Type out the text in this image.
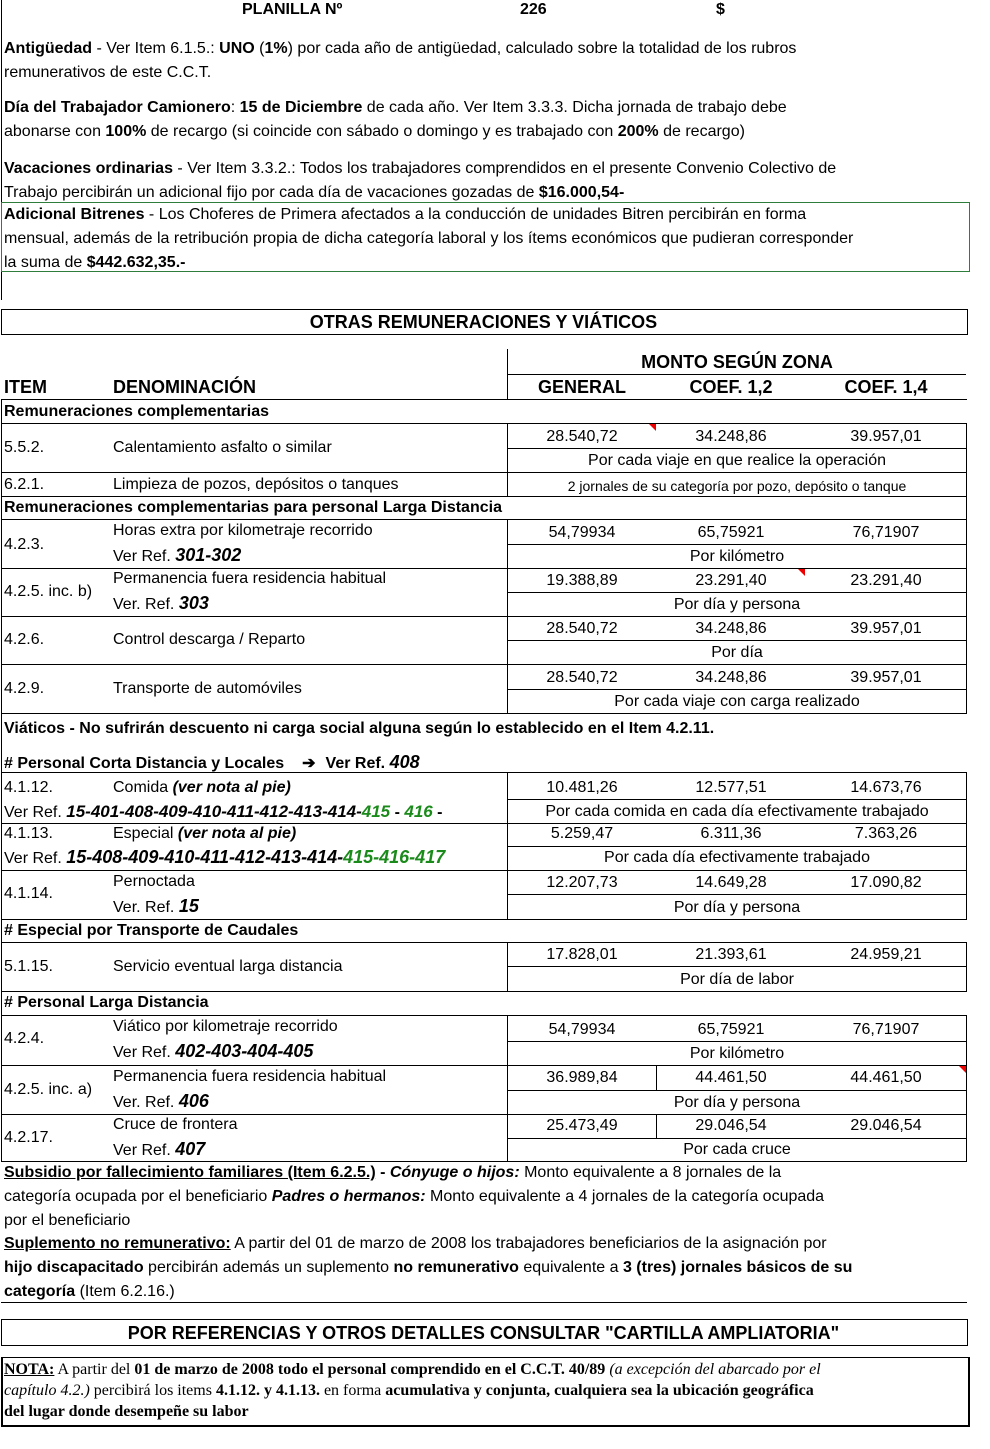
PLANILLA Nº	226	$
Antigüedad - Ver Item 6.1.5.: UNO (1%) por cada año de antigüedad, calculado sobre la totalidad de los rubros
remunerativos de este C.C.T.
Día del Trabajador Camionero: 15 de Diciembre de cada año. Ver Item 3.3.3. Dicha jornada de trabajo debe
abonarse con 100% de recargo (si coincide con sábado o domingo y es trabajado con 200% de recargo)
Vacaciones ordinarias - Ver Item 3.3.2.: Todos los trabajadores comprendidos en el presente Convenio Colectivo de
Trabajo percibirán un adicional fijo por cada día de vacaciones gozadas de $16.000,54-
Adicional Bitrenes - Los Choferes de Primera afectados a la conducción de unidades Bitren percibirán en forma
mensual, además de la retribución propia de dicha categoría laboral y los ítems económicos que pudieran corresponder
la suma de $442.632,35.-
OTRAS REMUNERACIONES Y VIÁTICOS
MONTO SEGÚN ZONA
ITEM	DENOMINACIÓN	GENERAL	COEF. 1,2	COEF. 1,4
Remuneraciones complementarias
5.5.2.	Calentamiento asfalto o similar
28.540,72	34.248,86	39.957,01
Por cada viaje en que realice la operación
6.2.1.	Limpieza de pozos, depósitos o tanques	2 jornales de su categoría por pozo, depósito o tanque
Remuneraciones complementarias para personal Larga Distancia
4.2.3.
Horas extra por kilometraje recorrido
Ver Ref. 301-302
54,79934	65,75921	76,71907
Por kilómetro
4.2.5. inc. b)
Permanencia fuera residencia habitual
Ver. Ref. 303
19.388,89	23.291,40	23.291,40
Por día y persona
4.2.6.	Control descarga / Reparto
28.540,72	34.248,86	39.957,01
Por día
4.2.9.	Transporte de automóviles
28.540,72	34.248,86	39.957,01
Por cada viaje con carga realizado
Viáticos - No sufrirán descuento ni carga social alguna según lo establecido en el Item 4.2.11.
# Personal Corta Distancia y Locales ➔ Ver Ref. 408
4.1.12.	Comida (ver nota al pie)
Ver Ref. 15-401-408-409-410-411-412-413-414-415 - 416 -
10.481,26	12.577,51	14.673,76
Por cada comida en cada día efectivamente trabajado
4.1.13.	Especial (ver nota al pie)
Ver Ref. 15-408-409-410-411-412-413-414-415-416-417
5.259,47	6.311,36	7.363,26
Por cada día efectivamente trabajado
4.1.14.
Pernoctada
Ver. Ref. 15
12.207,73	14.649,28	17.090,82
Por día y persona
# Especial por Transporte de Caudales
5.1.15.	Servicio eventual larga distancia
17.828,01	21.393,61	24.959,21
Por día de labor
# Personal Larga Distancia
4.2.4.
Viático por kilometraje recorrido
Ver Ref. 402-403-404-405
54,79934	65,75921	76,71907
Por kilómetro
4.2.5. inc. a)
Permanencia fuera residencia habitual
Ver. Ref. 406
36.989,84	44.461,50	44.461,50
Por día y persona
4.2.17.
Cruce de frontera
Ver Ref. 407
25.473,49	29.046,54	29.046,54
Por cada cruce
Subsidio por fallecimiento familiares (Item 6.2.5.) - Cónyuge o hijos: Monto equivalente a 8 jornales de la
categoría ocupada por el beneficiario Padres o hermanos: Monto equivalente a 4 jornales de la categoría ocupada
por el beneficiario
Suplemento no remunerativo: A partir del 01 de marzo de 2008 los trabajadores beneficiarios de la asignación por
hijo discapacitado percibirán además un suplemento no remunerativo equivalente a 3 (tres) jornales básicos de su
categoría (Item 6.2.16.)
POR REFERENCIAS Y OTROS DETALLES CONSULTAR "CARTILLA AMPLIATORIA"
NOTA: A partir del 01 de marzo de 2008 todo el personal comprendido en el C.C.T. 40/89 (a excepción del abarcado por el
capítulo 4.2.) percibirá los items 4.1.12. y 4.1.13. en forma acumulativa y conjunta, cualquiera sea la ubicación geográfica
del lugar donde desempeñe su labor
